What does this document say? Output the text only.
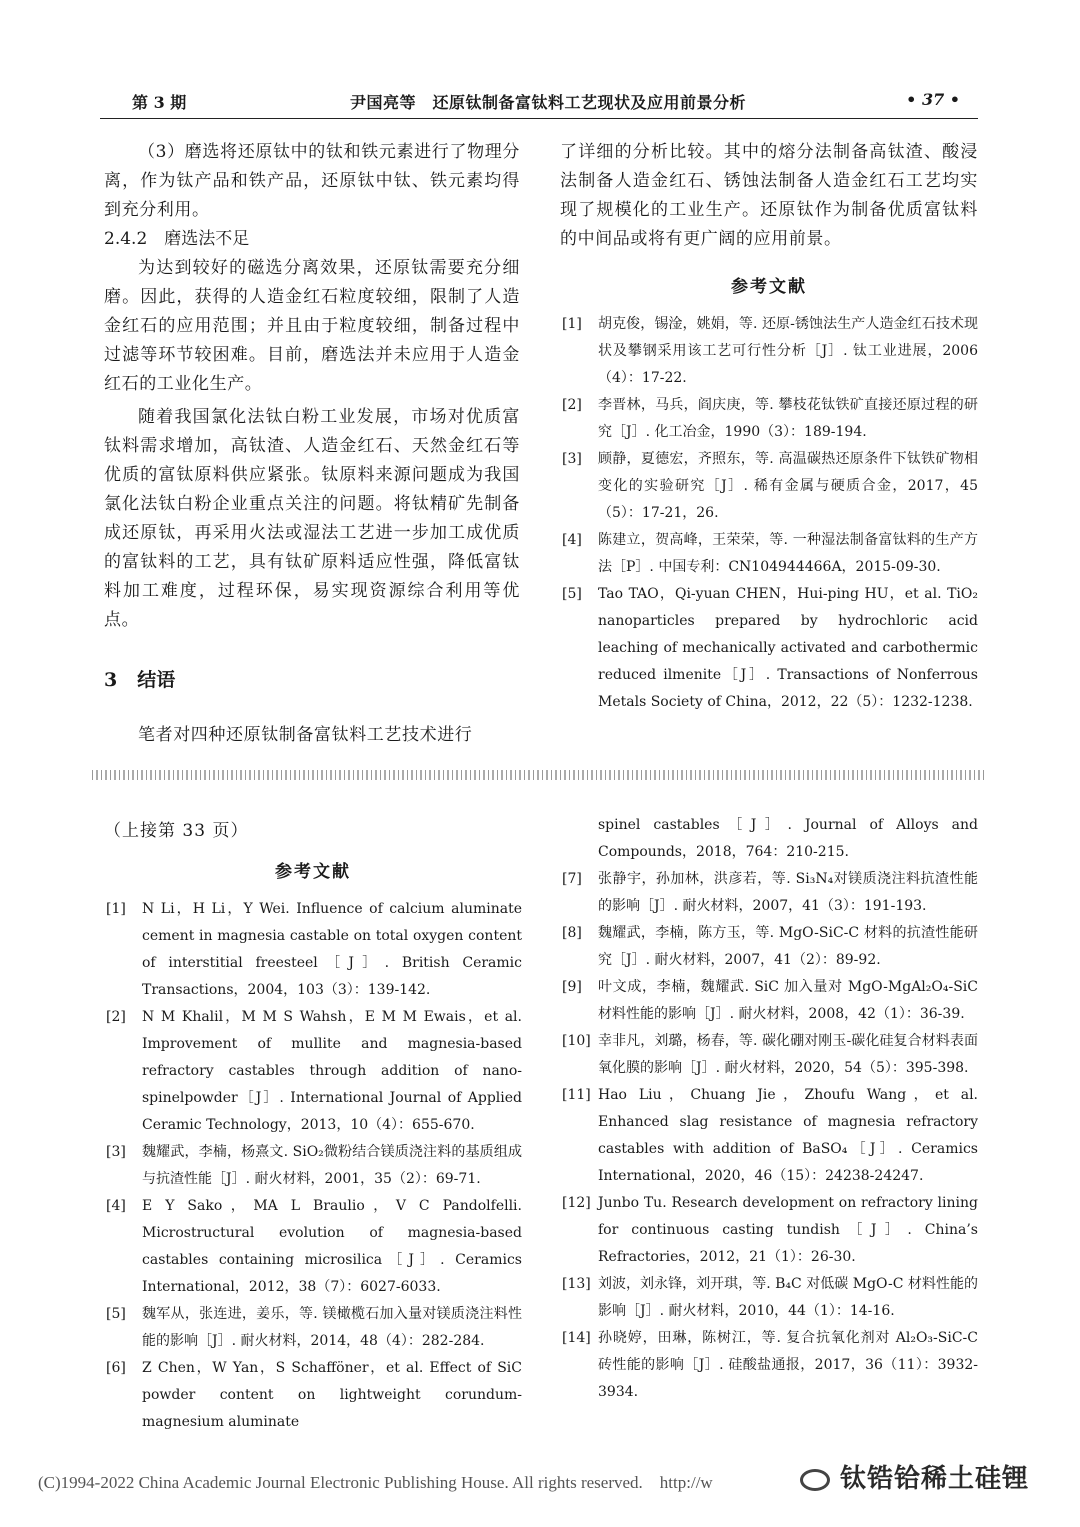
第 3 期	尹国亮等　还原钛制备富钛料工艺现状及应用前景分析	• 37 •

（3）磨选将还原钛中的钛和铁元素进行了物理分离，作为钛产品和铁产品，还原钛中钛、铁元素均得到充分利用。

2.4.2　磨选法不足

为达到较好的磁选分离效果，还原钛需要充分细磨。因此，获得的人造金红石粒度较细，限制了人造金红石的应用范围；并且由于粒度较细，制备过程中过滤等环节较困难。目前，磨选法并未应用于人造金红石的工业化生产。

随着我国氯化法钛白粉工业发展，市场对优质富钛料需求增加，高钛渣、人造金红石、天然金红石等优质的富钛原料供应紧张。钛原料来源问题成为我国氯化法钛白粉企业重点关注的问题。将钛精矿先制备成还原钛，再采用火法或湿法工艺进一步加工成优质的富钛料的工艺，具有钛矿原料适应性强，降低富钛料加工难度，过程环保，易实现资源综合利用等优点。

3 结语

笔者对四种还原钛制备富钛料工艺技术进行

了详细的分析比较。其中的熔分法制备高钛渣、酸浸法制备人造金红石、锈蚀法制备人造金红石工艺均实现了规模化的工业生产。还原钛作为制备优质富钛料的中间品或将有更广阔的应用前景。

参考文献
[1] 胡克俊，锡淦，姚娟，等. 还原-锈蚀法生产人造金红石技术现状及攀钢采用该工艺可行性分析［J］. 钛工业进展，2006（4）：17-22.
[2] 李晋林，马兵，阎庆庚，等. 攀枝花钛铁矿直接还原过程的研究［J］. 化工冶金，1990（3）：189-194.
[3] 顾静，夏德宏，齐照东，等. 高温碳热还原条件下钛铁矿物相变化的实验研究［J］. 稀有金属与硬质合金，2017，45（5）：17-21，26.
[4] 陈建立，贺高峰，王荣荣，等. 一种湿法制备富钛料的生产方法［P］. 中国专利：CN104944466A，2015-09-30.
[5] Tao TAO，Qi-yuan CHEN，Hui-ping HU，et al. TiO₂ nanoparticles prepared by hydrochloric acid leaching of mechanically activated and carbothermic reduced ilmenite［J］. Transactions of Nonferrous Metals Society of China，2012，22（5）：1232-1238.
（上接第 33 页）
参考文献
[1] N Li，H Li，Y Wei. Influence of calcium aluminate cement in magnesia castable on total oxygen content of interstitial freesteel［J］. British Ceramic Transactions，2004，103（3）：139-142.
[2] N M Khalil，M M S Wahsh，E M M Ewais，et al. Improvement of mullite and magnesia-based refractory castables through addition of nano-spinelpowder［J］. International Journal of Applied Ceramic Technology，2013，10（4）：655-670.
[3] 魏耀武，李楠，杨熹文. SiO₂微粉结合镁质浇注料的基质组成与抗渣性能［J］. 耐火材料，2001，35（2）：69-71.
[4] E Y Sako，MA L Braulio，V C Pandolfelli. Microstructural evolution of magnesia-based castables containing microsilica［J］. Ceramics International，2012，38（7）：6027-6033.
[5] 魏军从，张连进，姜乐，等. 镁橄榄石加入量对镁质浇注料性能的影响［J］. 耐火材料，2014，48（4）：282-284.
[6] Z Chen，W Yan，S Schafföner，et al. Effect of SiC powder content on lightweight corundum-magnesium aluminate
spinel castables［J］. Journal of Alloys and Compounds，2018，764：210-215.
[7] 张静宇，孙加林，洪彦若，等. Si₃N₄对镁质浇注料抗渣性能的影响［J］. 耐火材料，2007，41（3）：191-193.
[8] 魏耀武，李楠，陈方玉，等. MgO-SiC-C 材料的抗渣性能研究［J］. 耐火材料，2007，41（2）：89-92.
[9] 叶文成，李楠，魏耀武. SiC 加入量对 MgO-MgAl₂O₄-SiC 材料性能的影响［J］. 耐火材料，2008，42（1）：36-39.
[10] 幸非凡，刘璐，杨春，等. 碳化硼对刚玉-碳化硅复合材料表面氧化膜的影响［J］. 耐火材料，2020，54（5）：395-398.
[11] Hao Liu，Chuang Jie，Zhoufu Wang，et al. Enhanced slag resistance of magnesia refractory castables with addition of BaSO₄［J］. Ceramics International，2020，46（15）：24238-24247.
[12] Junbo Tu. Research development on refractory lining for continuous casting tundish［J］. China’s Refractories，2012，21（1）：26-30.
[13] 刘波，刘永锋，刘开琪，等. B₄C 对低碳 MgO-C 材料性能的影响［J］. 耐火材料，2010，44（1）：14-16.
[14] 孙晓婷，田琳，陈树江，等. 复合抗氧化剂对 Al₂O₃-SiC-C 砖性能的影响［J］. 硅酸盐通报，2017，36（11）：3932-3934.
(C)1994-2022 China Academic Journal Electronic Publishing House. All rights reserved.　http://w	钛锆铪稀土硅锂
